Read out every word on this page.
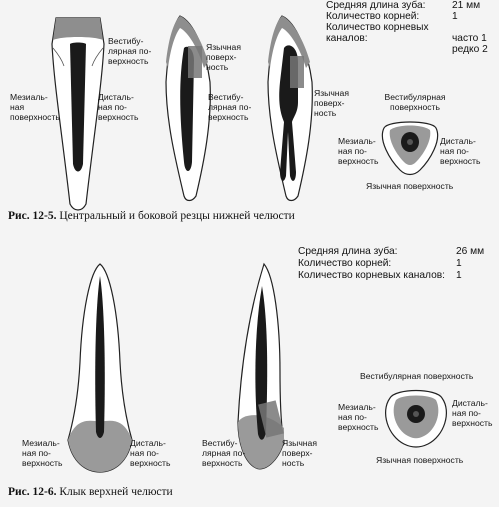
Мезиаль-
ная
поверхность
Дисталь-
ная по-
верхность
Вестибу-
лярная по-
верхность
Язычная
поверх-
ность
Вестибу-
лярная по-
верхность
Язычная
поверх-
ность
Вестибулярная
поверхность
Мезиаль-
ная по-
верхность
Дисталь-
ная по-
верхность
Язычная поверхность
Средняя длина зуба:	21 мм
Количество корней:	1
Количество корневых
каналов:	часто 1
редко 2
Рис. 12-5. Центральный и боковой резцы нижней челюсти
Средняя длина зуба:	26 мм
Количество корней:	1
Количество корневых каналов: 1
Мезиаль-
ная по-
верхность
Дисталь-
ная по-
верхность
Вестибу-
лярная по-
верхность
Язычная
поверх-
ность
Вестибулярная поверхность
Мезиаль-
ная по-
верхность
Дисталь-
ная по-
верхность
Язычная поверхность
Рис. 12-6. Клык верхней челюсти
